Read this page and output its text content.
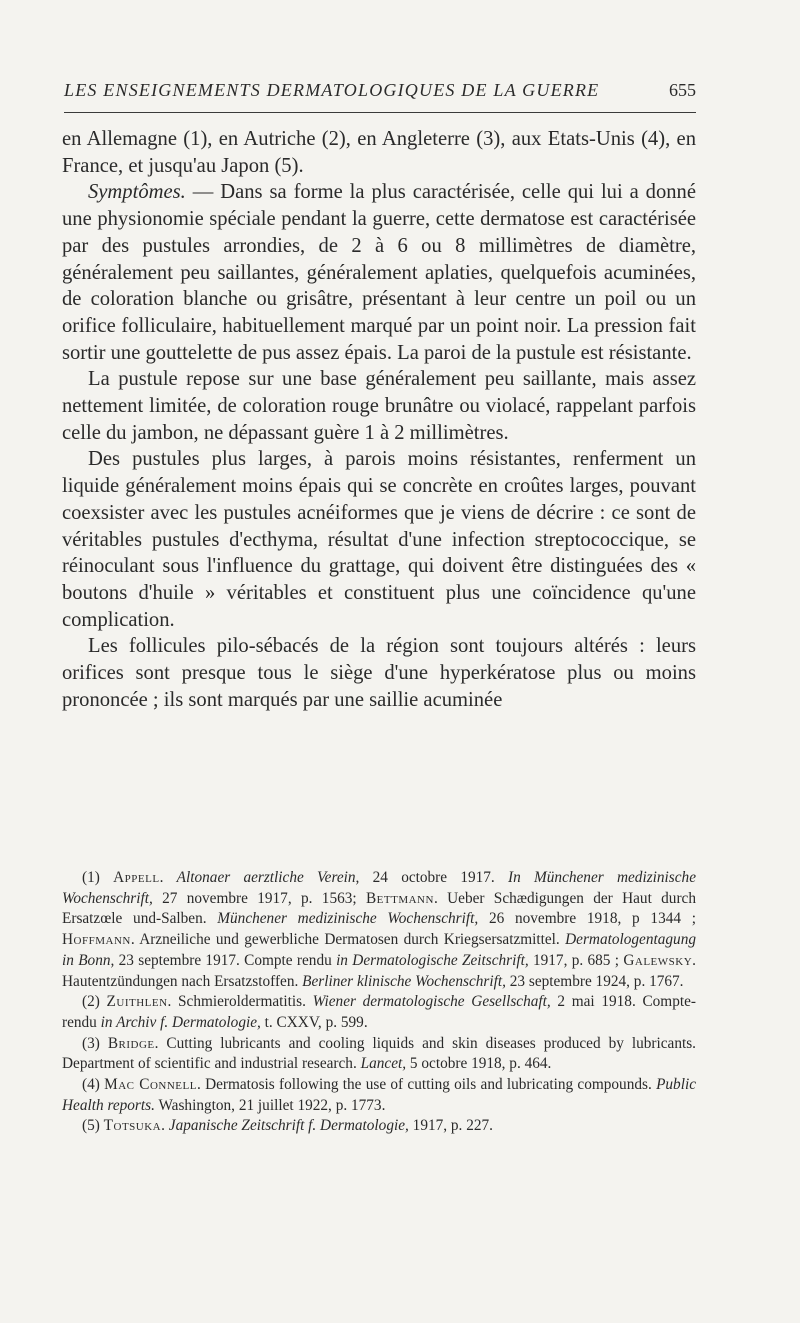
LES ENSEIGNEMENTS DERMATOLOGIQUES DE LA GUERRE	655

en Allemagne (1), en Autriche (2), en Angleterre (3), aux Etats-Unis (4), en France, et jusqu'au Japon (5).

Symptômes. — Dans sa forme la plus caractérisée, celle qui lui a donné une physionomie spéciale pendant la guerre, cette dermatose est caractérisée par des pustules arrondies, de 2 à 6 ou 8 millimètres de diamètre, généralement peu saillantes, généralement aplaties, quelquefois acuminées, de coloration blanche ou grisâtre, présentant à leur centre un poil ou un orifice folliculaire, habituellement marqué par un point noir. La pression fait sortir une gouttelette de pus assez épais. La paroi de la pustule est résistante.

La pustule repose sur une base généralement peu saillante, mais assez nettement limitée, de coloration rouge brunâtre ou violacé, rappelant parfois celle du jambon, ne dépassant guère 1 à 2 millimètres.

Des pustules plus larges, à parois moins résistantes, renferment un liquide généralement moins épais qui se concrète en croûtes larges, pouvant coexsister avec les pustules acnéiformes que je viens de décrire : ce sont de véritables pustules d'ecthyma, résultat d'une infection streptococcique, se réinoculant sous l'influence du grattage, qui doivent être distinguées des « boutons d'huile » véritables et constituent plus une coïncidence qu'une complication.

Les follicules pilo-sébacés de la région sont toujours altérés : leurs orifices sont presque tous le siège d'une hyperkératose plus ou moins prononcée ; ils sont marqués par une saillie acuminée

(1) Appell. Altonaer aerztliche Verein, 24 octobre 1917. In Münchener medizinische Wochenschrift, 27 novembre 1917, p. 1563; Bettmann. Ueber Schædigungen der Haut durch Ersatzœle und-Salben. Münchener medizinische Wochenschrift, 26 novembre 1918, p 1344 ; Hoffmann. Arzneiliche und gewerbliche Dermatosen durch Kriegsersatzmittel. Dermatologentagung in Bonn, 23 septembre 1917. Compte rendu in Dermatologische Zeitschrift, 1917, p. 685 ; Galewsky. Hautentzündungen nach Ersatzstoffen. Berliner klinische Wochenschrift, 23 septembre 1924, p. 1767.

(2) Zuithlen. Schmieroldermatitis. Wiener dermatologische Gesellschaft, 2 mai 1918. Compte-rendu in Archiv f. Dermatologie, t. CXXV, p. 599.

(3) Bridge. Cutting lubricants and cooling liquids and skin diseases produced by lubricants. Department of scientific and industrial research. Lancet, 5 octobre 1918, p. 464.

(4) Mac Connell. Dermatosis following the use of cutting oils and lubricating compounds. Public Health reports. Washington, 21 juillet 1922, p. 1773.

(5) Totsuka. Japanische Zeitschrift f. Dermatologie, 1917, p. 227.
